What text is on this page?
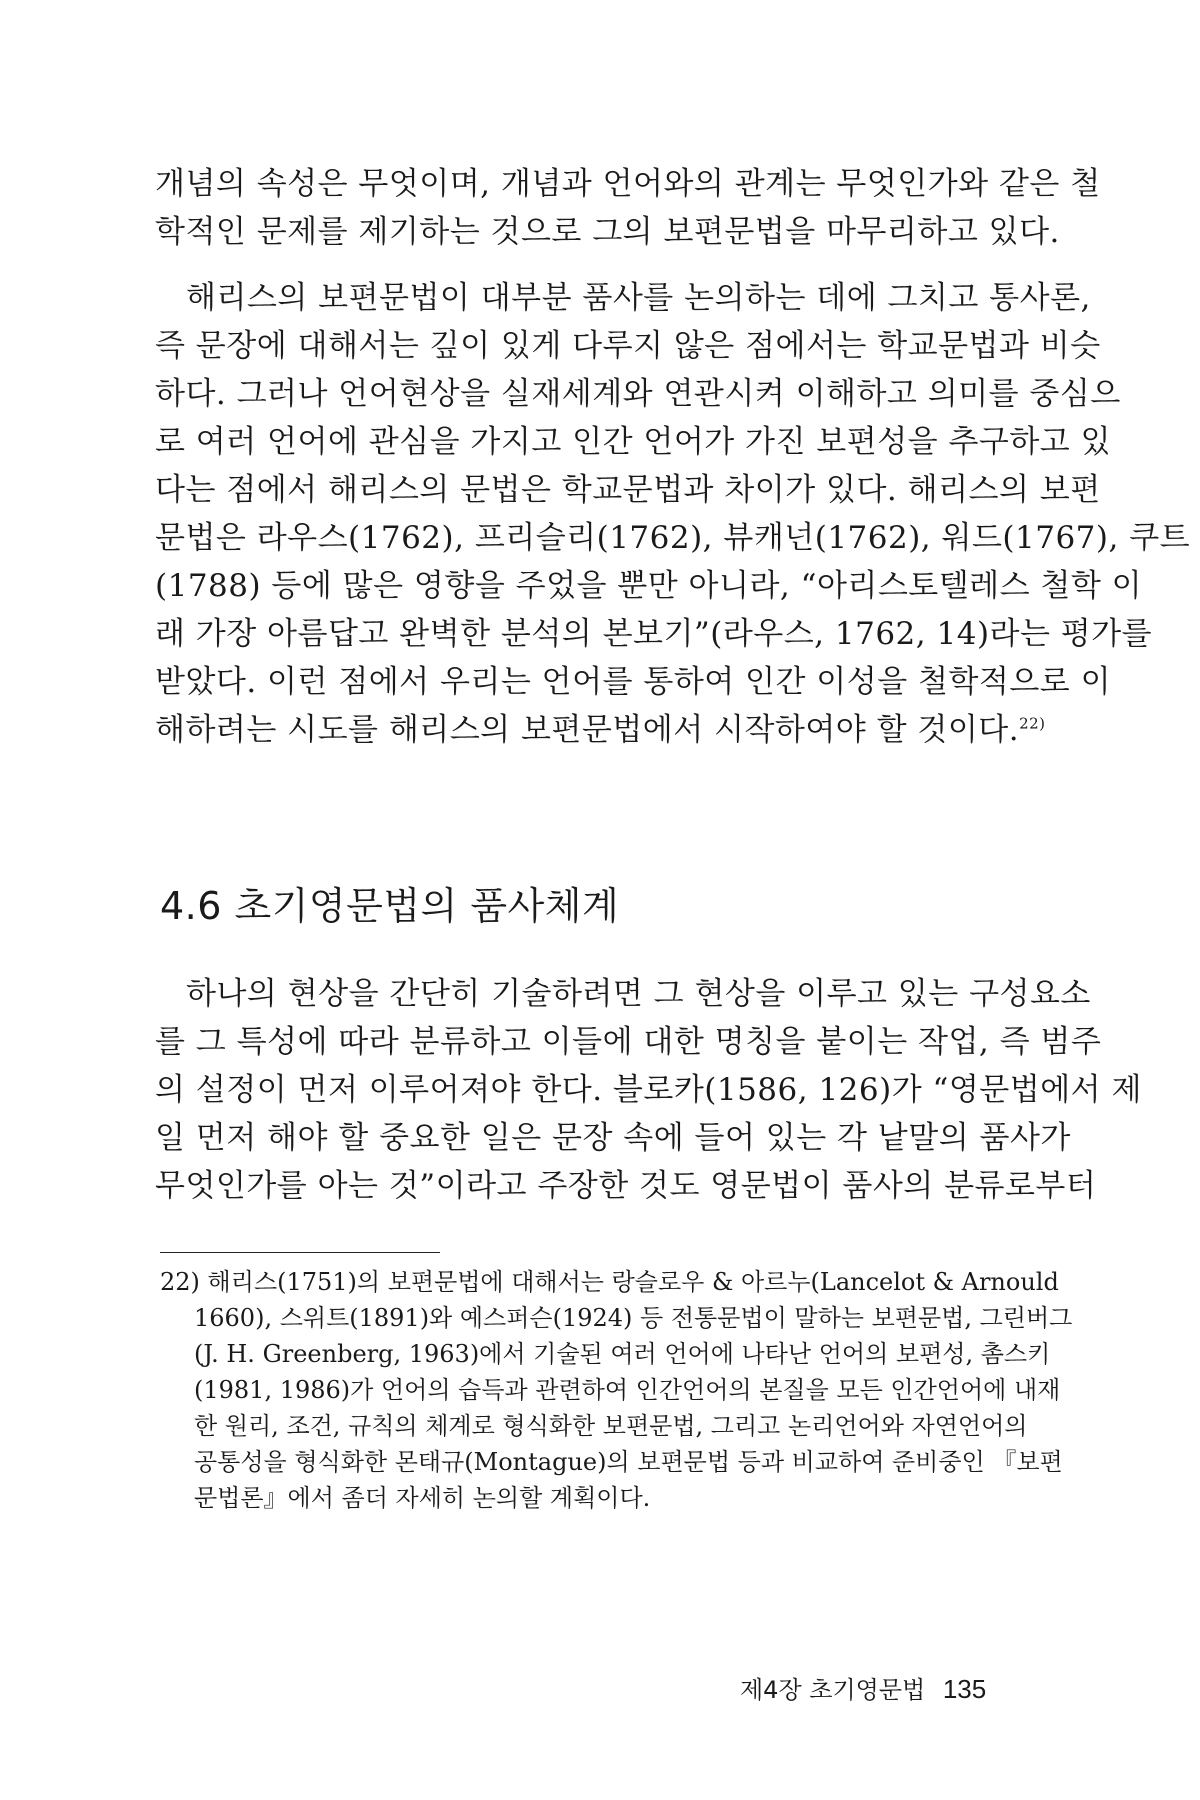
개념의 속성은 무엇이며, 개념과 언어와의 관계는 무엇인가와 같은 철
학적인 문제를 제기하는 것으로 그의 보편문법을 마무리하고 있다.
해리스의 보편문법이 대부분 품사를 논의하는 데에 그치고 통사론,
즉 문장에 대해서는 깊이 있게 다루지 않은 점에서는 학교문법과 비슷
하다. 그러나 언어현상을 실재세계와 연관시켜 이해하고 의미를 중심으
로 여러 언어에 관심을 가지고 인간 언어가 가진 보편성을 추구하고 있
다는 점에서 해리스의 문법은 학교문법과 차이가 있다. 해리스의 보편
문법은 라우스(1762), 프리슬리(1762), 뷰캐넌(1762), 워드(1767), 쿠트
(1788) 등에 많은 영향을 주었을 뿐만 아니라, “아리스토텔레스 철학 이
래 가장 아름답고 완벽한 분석의 본보기”(라우스, 1762, 14)라는 평가를
받았다. 이런 점에서 우리는 언어를 통하여 인간 이성을 철학적으로 이
해하려는 시도를 해리스의 보편문법에서 시작하여야 할 것이다.$^{22)}$
4.6 초기영문법의 품사체계
하나의 현상을 간단히 기술하려면 그 현상을 이루고 있는 구성요소
를 그 특성에 따라 분류하고 이들에 대한 명칭을 붙이는 작업, 즉 범주
의 설정이 먼저 이루어져야 한다. 블로카(1586, 126)가 “영문법에서 제
일 먼저 해야 할 중요한 일은 문장 속에 들어 있는 각 낱말의 품사가
무엇인가를 아는 것”이라고 주장한 것도 영문법이 품사의 분류로부터
22) 해리스(1751)의 보편문법에 대해서는 랑슬로우 & 아르누(Lancelot & Arnould
1660), 스위트(1891)와 예스퍼슨(1924) 등 전통문법이 말하는 보편문법, 그린버그
(J. H. Greenberg, 1963)에서 기술된 여러 언어에 나타난 언어의 보편성, 촘스키
(1981, 1986)가 언어의 습득과 관련하여 인간언어의 본질을 모든 인간언어에 내재
한 원리, 조건, 규칙의 체계로 형식화한 보편문법, 그리고 논리언어와 자연언어의
공통성을 형식화한 몬태규(Montague)의 보편문법 등과 비교하여 준비중인 『보편
문법론』에서 좀더 자세히 논의할 계획이다.
제4장 초기영문법 135
